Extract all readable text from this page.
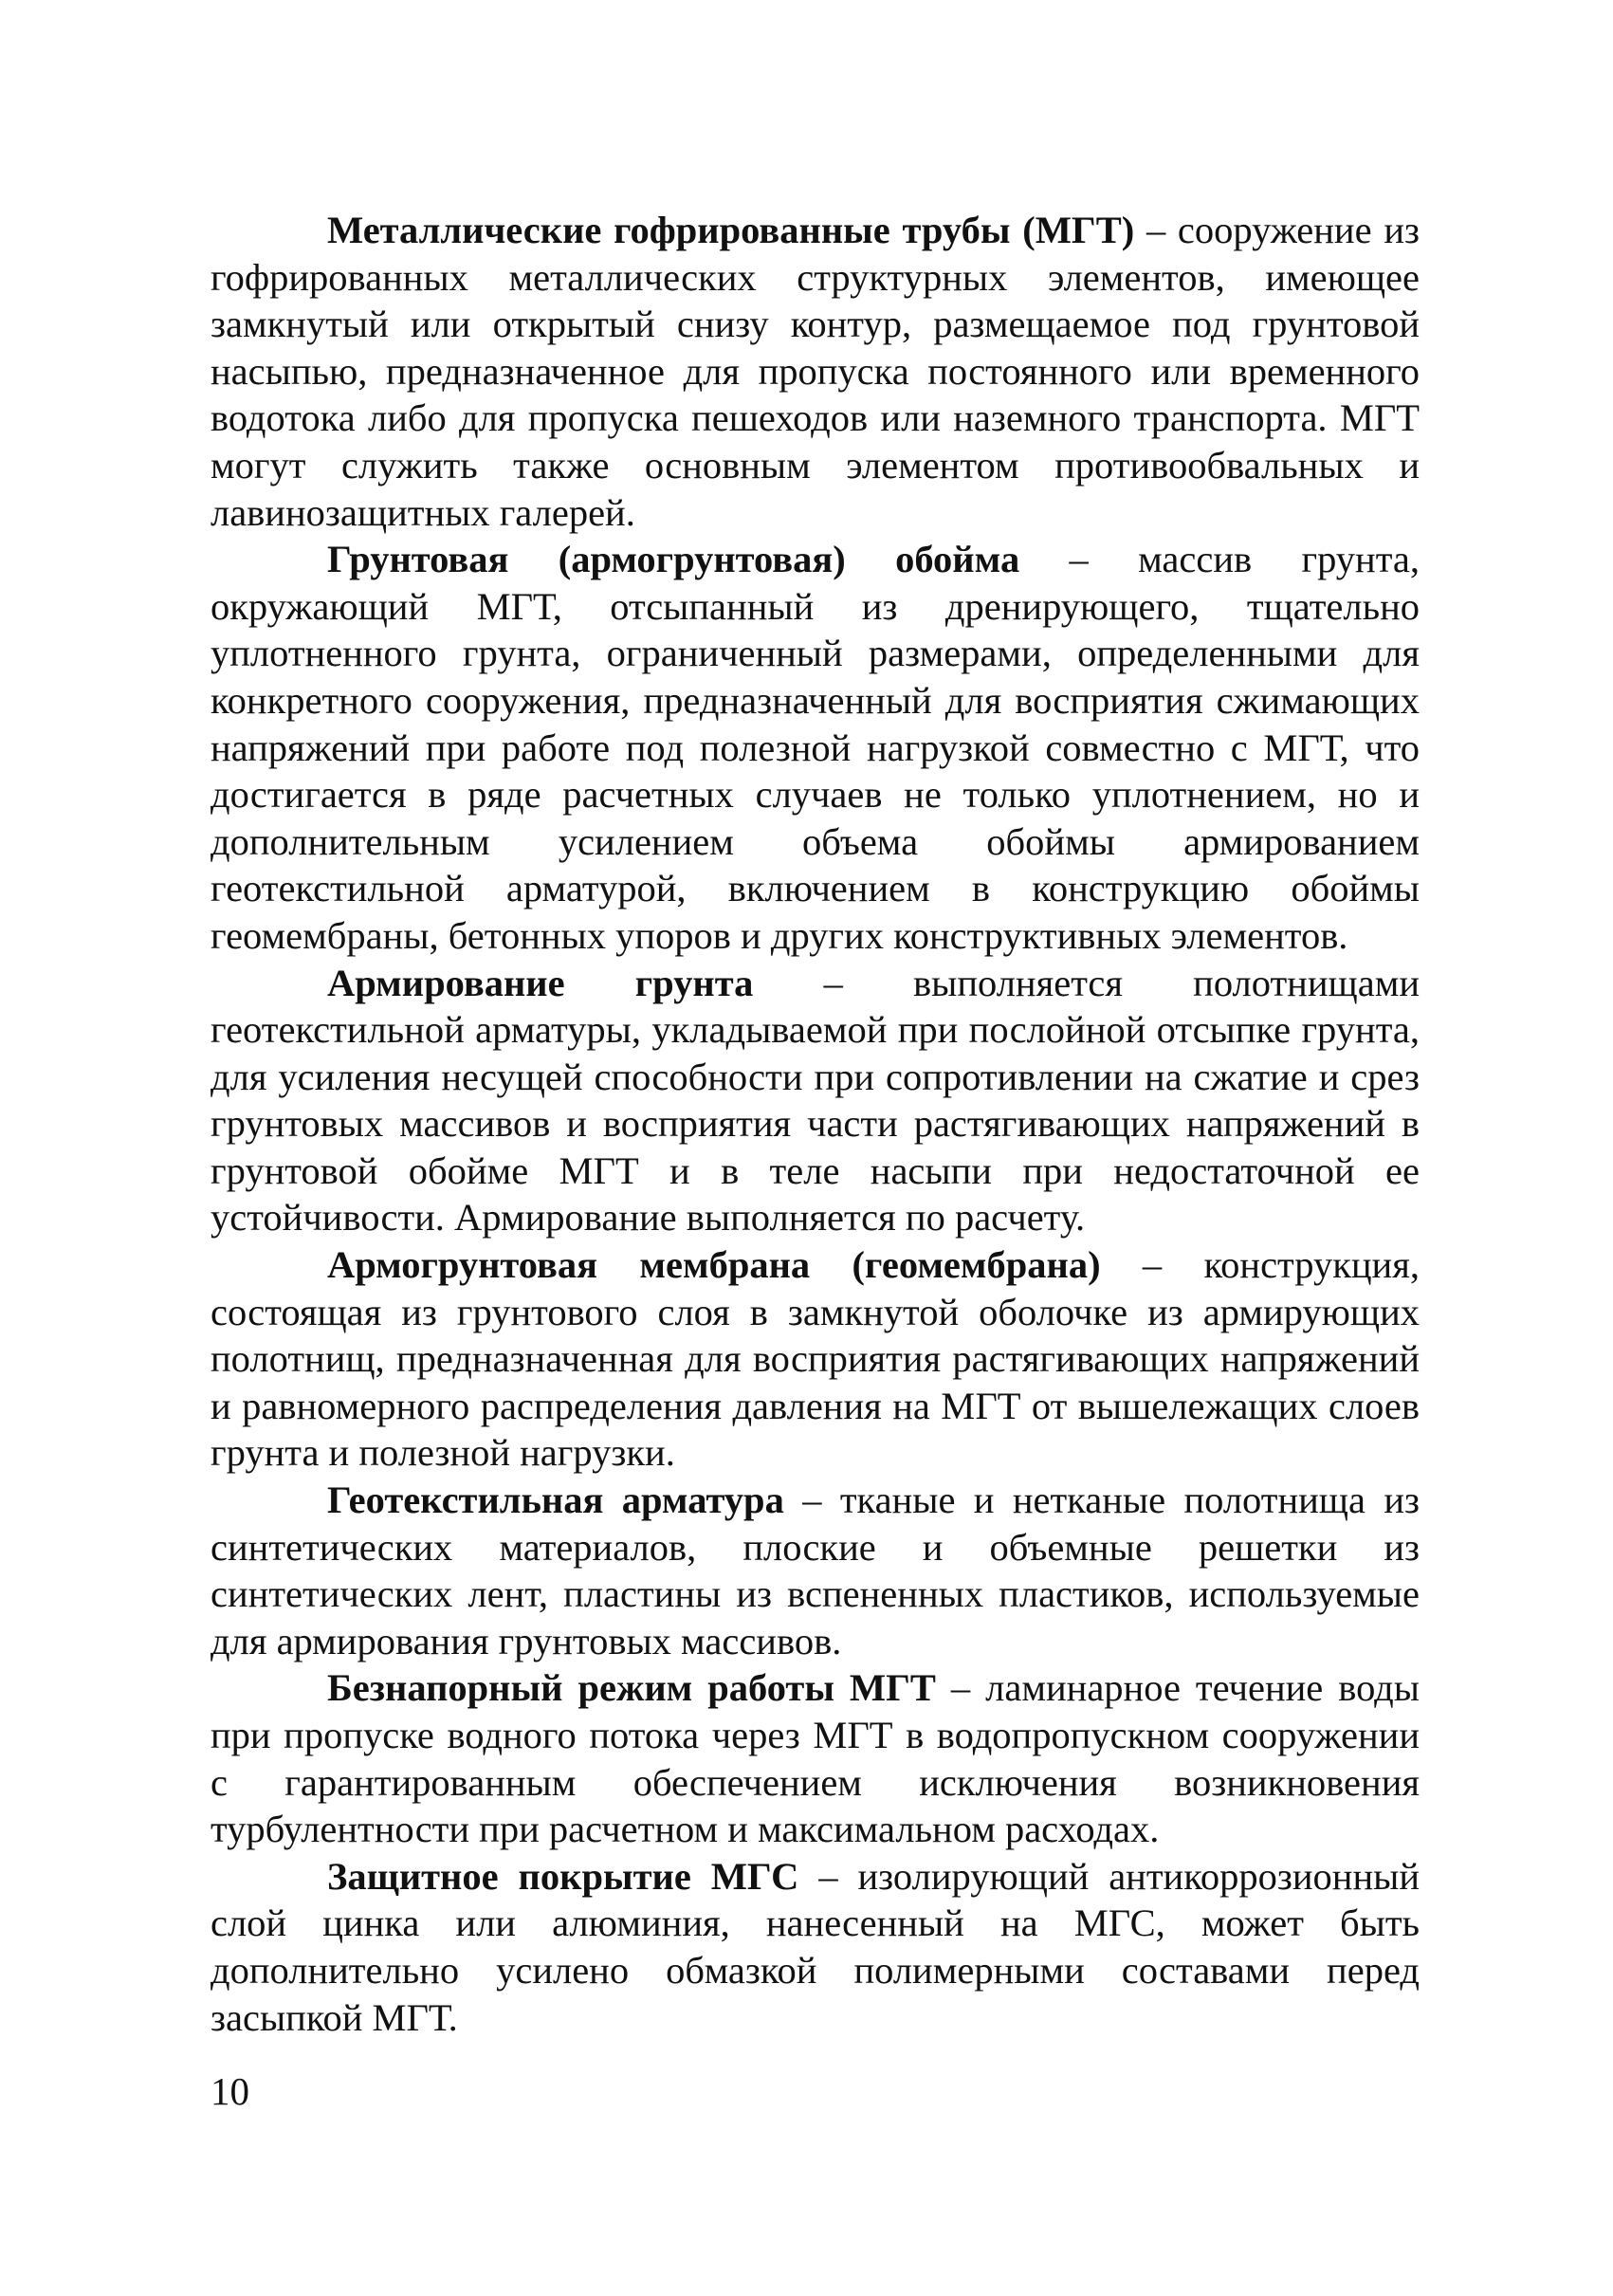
Металлические гофрированные трубы (МГТ) – сооружение из гофрированных металлических структурных элементов, имеющее замкнутый или открытый снизу контур, размещаемое под грунтовой насыпью, предназначенное для пропуска постоянного или временного водотока либо для пропуска пешеходов или наземного транспорта. МГТ могут служить также основным элементом противообвальных и лавинозащитных галерей.

Грунтовая (армогрунтовая) обойма – массив грунта, окружающий МГТ, отсыпанный из дренирующего, тщательно уплотненного грунта, ограниченный размерами, определенными для конкретного сооружения, предназначенный для восприятия сжимающих напряжений при работе под полезной нагрузкой совместно с МГТ, что достигается в ряде расчетных случаев не только уплотнением, но и дополнительным усилением объема обоймы армированием геотекстильной арматурой, включением в конструкцию обоймы геомембраны, бетонных упоров и других конструктивных элементов.

Армирование грунта – выполняется полотнищами геотекстильной арматуры, укладываемой при послойной отсыпке грунта, для усиления несущей способности при сопротивлении на сжатие и срез грунтовых массивов и восприятия части растягивающих напряжений в грунтовой обойме МГТ и в теле насыпи при недостаточной ее устойчивости. Армирование выполняется по расчету.

Армогрунтовая мембрана (геомембрана) – конструкция, состоящая из грунтового слоя в замкнутой оболочке из армирующих полотнищ, предназначенная для восприятия растягивающих напряжений и равномерного распределения давления на МГТ от вышележащих слоев грунта и полезной нагрузки.

Геотекстильная арматура – тканые и нетканые полотнища из синтетических материалов, плоские и объемные решетки из синтетических лент, пластины из вспененных пластиков, используемые для армирования грунтовых массивов.

Безнапорный режим работы МГТ – ламинарное течение воды при пропуске водного потока через МГТ в водопропускном сооружении с гарантированным обеспечением исключения возникновения турбулентности при расчетном и максимальном расходах.

Защитное покрытие МГС – изолирующий антикоррозионный слой цинка или алюминия, нанесенный на МГС, может быть дополнительно усилено обмазкой полимерными составами перед засыпкой МГТ.

10
